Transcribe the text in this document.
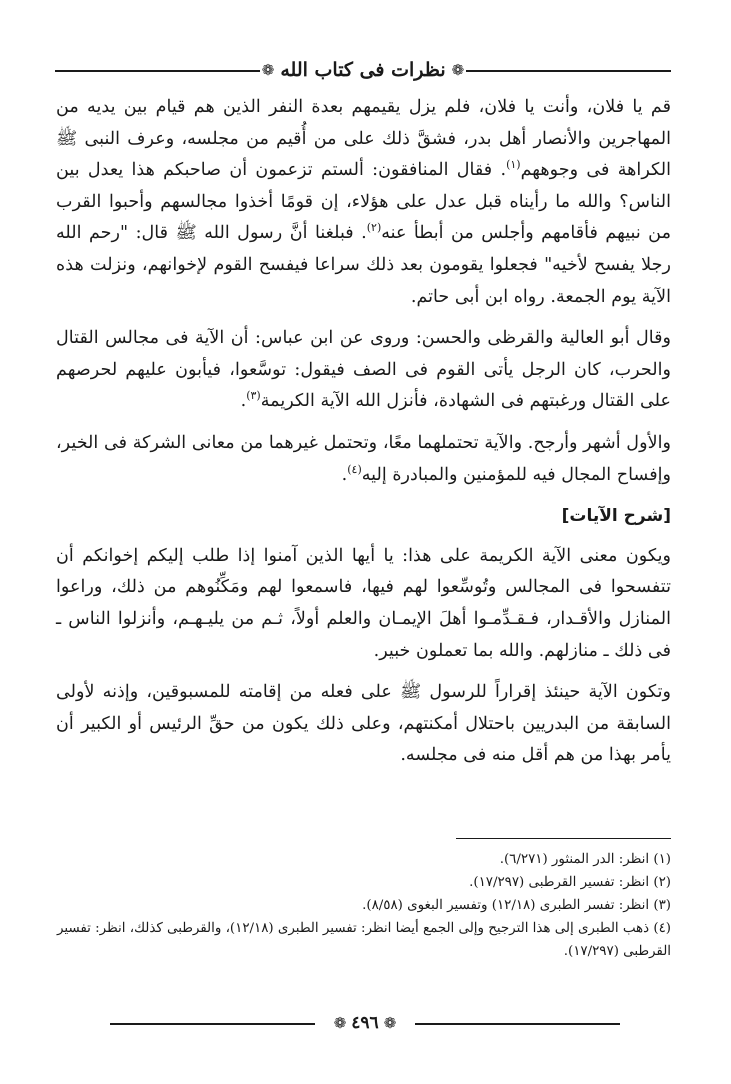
❁
نظرات فى كتاب الله
❁

قم يا فلان، وأنت يا فلان، فلم يزل يقيمهم بعدة النفر الذين هم قيام بين يديه من المهاجرين والأنصار أهل بدر، فشقَّ ذلك على من أُقيم من مجلسه، وعرف النبى ﷺ الكراهة فى وجوههم$^{(١)}$. فقال المنافقون: ألستم تزعمون أن صاحبكم هذا يعدل بين الناس؟ والله ما رأيناه قبل عدل على هؤلاء، إن قومًا أخذوا مجالسهم وأحبوا القرب من نبيهم فأقامهم وأجلس من أبطأ عنه$^{(٢)}$. فبلغنا أنَّ رسول الله ﷺ قال: "رحم الله رجلا يفسح لأخيه" فجعلوا يقومون بعد ذلك سراعا فيفسح القوم لإخوانهم، ونزلت هذه الآية يوم الجمعة. رواه ابن أبى حاتم.

وقال أبو العالية والقرظى والحسن: وروى عن ابن عباس: أن الآية فى مجالس القتال والحرب، كان الرجل يأتى القوم فى الصف فيقول: توسَّعوا، فيأبون عليهم لحرصهم على القتال ورغبتهم فى الشهادة، فأنزل الله الآية الكريمة$^{(٣)}$.

والأول أشهر وأرجح. والآية تحتملهما معًا، وتحتمل غيرهما من معانى الشركة فى الخير، وإفساح المجال فيه للمؤمنين والمبادرة إليه$^{(٤)}$.

[شرح الآيات]

ويكون معنى الآية الكريمة على هذا: يا أيها الذين آمنوا إذا طلب إليكم إخوانكم أن تتفسحوا فى المجالس وتُوسِّعوا لهم فيها، فاسمعوا لهم ومَكِّنُوهم من ذلك، وراعوا المنازل والأقـدار، فـقـدِّمـوا أهلَ الإيمـان والعلم أولاً، ثـم من يليـهـم، وأنزلوا الناس ـ فى ذلك ـ منازلهم. والله بما تعملون خبير.

وتكون الآية حينئذ إقراراً للرسول ﷺ على فعله من إقامته للمسبوقين، وإذنه لأولى السابقة من البدريين باحتلال أمكنتهم، وعلى ذلك يكون من حقِّ الرئيس أو الكبير أن يأمر بهذا من هم أقل منه فى مجلسه.

(١) انظر: الدر المنثور (٦/٢٧١).

(٢) انظر: تفسير القرطبى (١٧/٢٩٧).

(٣) انظر: تفسر الطبرى (١٢/١٨) وتفسير البغوى (٨/٥٨).

(٤) ذهب الطبرى إلى هذا الترجيح وإلى الجمع أيضا انظر: تفسير الطبرى (١٢/١٨)، والقرطبى كذلك، انظر: تفسير القرطبى (١٧/٢٩٧).

❁
٤٩٦
❁
